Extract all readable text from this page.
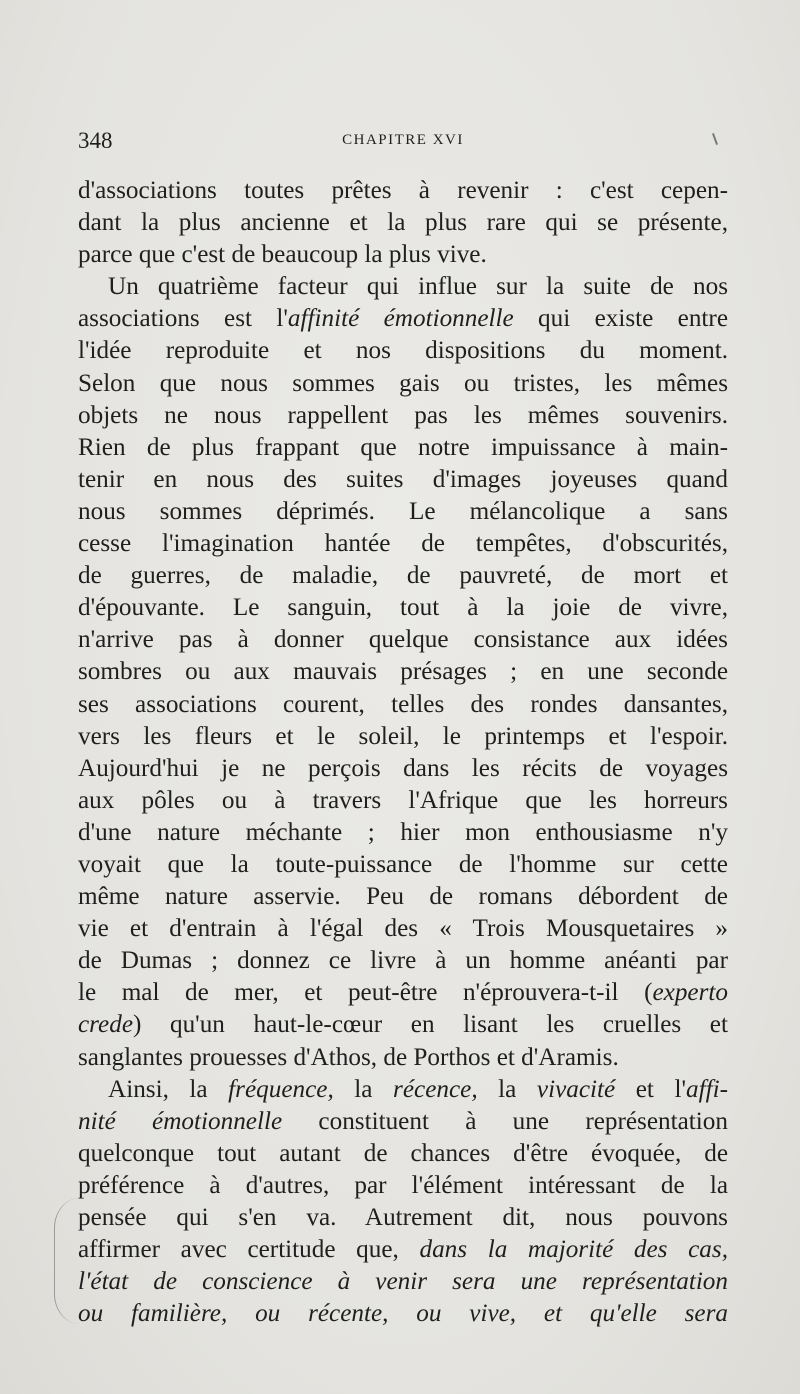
348	CHAPITRE XVI
d'associations toutes prêtes à revenir : c'est cepen-
dant la plus ancienne et la plus rare qui se présente,
parce que c'est de beaucoup la plus vive.
Un quatrième facteur qui influe sur la suite de nos
associations est l'affinité émotionnelle qui existe entre
l'idée reproduite et nos dispositions du moment.
Selon que nous sommes gais ou tristes, les mêmes
objets ne nous rappellent pas les mêmes souvenirs.
Rien de plus frappant que notre impuissance à main-
tenir en nous des suites d'images joyeuses quand
nous sommes déprimés. Le mélancolique a sans
cesse l'imagination hantée de tempêtes, d'obscurités,
de guerres, de maladie, de pauvreté, de mort et
d'épouvante. Le sanguin, tout à la joie de vivre,
n'arrive pas à donner quelque consistance aux idées
sombres ou aux mauvais présages ; en une seconde
ses associations courent, telles des rondes dansantes,
vers les fleurs et le soleil, le printemps et l'espoir.
Aujourd'hui je ne perçois dans les récits de voyages
aux pôles ou à travers l'Afrique que les horreurs
d'une nature méchante ; hier mon enthousiasme n'y
voyait que la toute-puissance de l'homme sur cette
même nature asservie. Peu de romans débordent de
vie et d'entrain à l'égal des « Trois Mousquetaires »
de Dumas ; donnez ce livre à un homme anéanti par
le mal de mer, et peut-être n'éprouvera-t-il (experto
crede) qu'un haut-le-cœur en lisant les cruelles et
sanglantes prouesses d'Athos, de Porthos et d'Aramis.
Ainsi, la fréquence, la récence, la vivacité et l'affi-
nité émotionnelle constituent à une représentation
quelconque tout autant de chances d'être évoquée, de
préférence à d'autres, par l'élément intéressant de la
pensée qui s'en va. Autrement dit, nous pouvons
affirmer avec certitude que, dans la majorité des cas,
l'état de conscience à venir sera une représentation
ou familière, ou récente, ou vive, et qu'elle sera
